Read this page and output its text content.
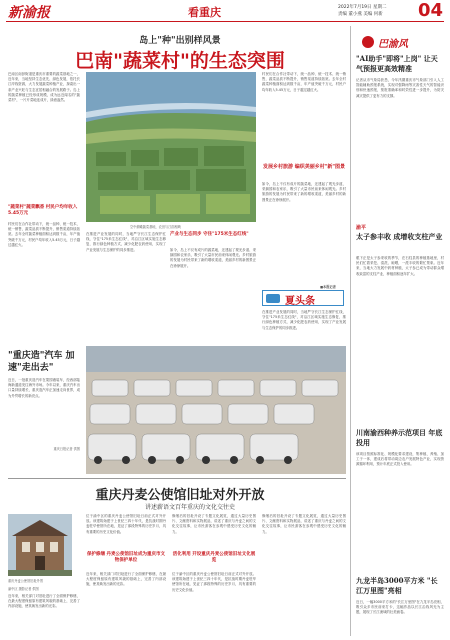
新渝报	看重庆	2022年7月19日 星期二
责编 董小燕 美编 何新 04
岛上"种"出别样风景
巴南"蔬菜村"的生态突围
巴南区南彭街道是重庆市重要的蔬菜基地之一，近年来，当地坚持生态优先、绿色发展，依托长江岸线资源，大力发展蔬菜种植产业，探索出一条产业兴旺与生态宜居相融合的发展路子。岛上的蔬菜种植已经形成规模，成为远近闻名的"蔬菜村"，一片片菜地连成片，绿意盎然。
"蔬菜村"蔬菜飘香 村民户均年收入5.45万元
村民们在合作社带动下，统一品种、统一技术、统一销售，蔬菜品质不断提升，销售渠道持续拓宽。去年全村蔬菜种植面积达到数千亩，年产值突破千万元，村民户均年收入5.45万元，日子越过越红火。
空中俯瞰蔬菜基地，农田与江面相映
在推进产业发展的同时，当地严守长江生态保护红线，守住"175米生态红线"，对沿江区域实施生态修复，推行绿色种植方式，减少化肥农药使用，实现了产业发展与生态保护的同步推进。
产业与生态同步 守住"175米生态红线"
如今，岛上不仅有成片的蔬菜地，还建起了观光步道、采摘园和农家乐，吸引了大量市民前来休闲观光。乡村旅游的发展为村民带来了新的增收渠道，美丽乡村的新图景正在徐徐展开。
村民们在合作社带动下，统一品种、统一技术、统一销售，蔬菜品质不断提升，销售渠道持续拓宽。去年全村蔬菜种植面积达到数千亩，年产值突破千万元，村民户均年收入5.45万元，日子越过越红火。
发展乡村旅游 编织美丽乡村"新"图景
如今，岛上不仅有成片的蔬菜地，还建起了观光步道、采摘园和农家乐，吸引了大量市民前来休闲观光。乡村旅游的发展为村民带来了新的增收渠道，美丽乡村的新图景正在徐徐展开。
■本报记者
夏头条
在推进产业发展的同时，当地严守长江生态保护红线，守住"175米生态红线"，对沿江区域实施生态修复，推行绿色种植方式，减少化肥农药使用，实现了产业发展与生态保护的同步推进。
"重庆造"汽车 加速"走出去"
近日，一批重庆造汽车在果园港装车，经西部陆海新通道发往海外市场。今年以来，重庆汽车出口量持续增长，重庆造汽车正加速走向世界，成为外贸增长的新亮点。
重庆日报记者 供图
重庆丹麦公使馆旧址对外开放
讲述薪语文百年重庆的文化交往史
重庆丹麦公使馆旧址外景
渝中区 摄影记者 供图
近年来，相关部门对旧址进行了全面保护修缮，在最大程度保留原有建筑风貌的基础上，完善了内部设施，使其焕发出新的光彩。
位于渝中区的重庆丹麦公使馆旧址日前正式对外开放。该建筑始建于上世纪三四十年代，是抗战时期丹麦驻华使馆所在地，见证了那段特殊的历史岁月，具有重要的历史文化价值。
保护修缮 丹麦公使馆旧址成为重庆市文物保护单位
近年来，相关部门对旧址进行了全面保护修缮，在最大程度保留原有建筑风貌的基础上，完善了内部设施，使其焕发出新的光彩。
修缮后的旧址开设了专题文化展览，通过大量历史图片、文献资料和实物展品，讲述了重庆与丹麦之间的文化交往故事，让市民游客在参观中感受历史文化的魅力。
活化利用 开设重庆丹麦公使馆旧址文化展览
位于渝中区的重庆丹麦公使馆旧址日前正式对外开放。该建筑始建于上世纪三四十年代，是抗战时期丹麦驻华使馆所在地，见证了那段特殊的历史岁月，具有重要的历史文化价值。
修缮后的旧址开设了专题文化展览，通过大量历史图片、文献资料和实物展品，讲述了重庆与丹麦之间的文化交往故事，让市民游客在参观中感受历史文化的魅力。
巴渝风
"AI助手"即将"上岗" 让天气预报更高效精准
记者从市气象局获悉，今年汛期重庆市气象部门引入人工智能辅助预报系统，实现对强降雨等灾害性天气的智能识别和快速预报，预报准确率和时效性进一步提升，为防灾减灾提供了更有力的支撑。
渝平
太子参丰收 成增收支柱产业
眼下正是太子参采收的季节，在石柱县的种植基地里，村民们忙着采挖、清洗、晾晒，一派丰收的繁忙景象。近年来，当地大力发展中药材种植，太子参已成为带动群众增收致富的支柱产业，种植面积逐年扩大。
川南渝西种养示范项目 年底投用
该项目按照标准化、规模化要求建设，集种植、养殖、加工于一体，建成后将带动周边农户发展特色产业，实现资源循环利用，预计年底正式投入使用。
九龙半岛3000平方米 "长江万里图"亮相
近日，一幅3000平方米的"长江万里图"在九龙半岛亮相，吸引众多市民前来打卡，这幅作品以长江沿线风光为主题，展现了长江流域的壮美画卷。
